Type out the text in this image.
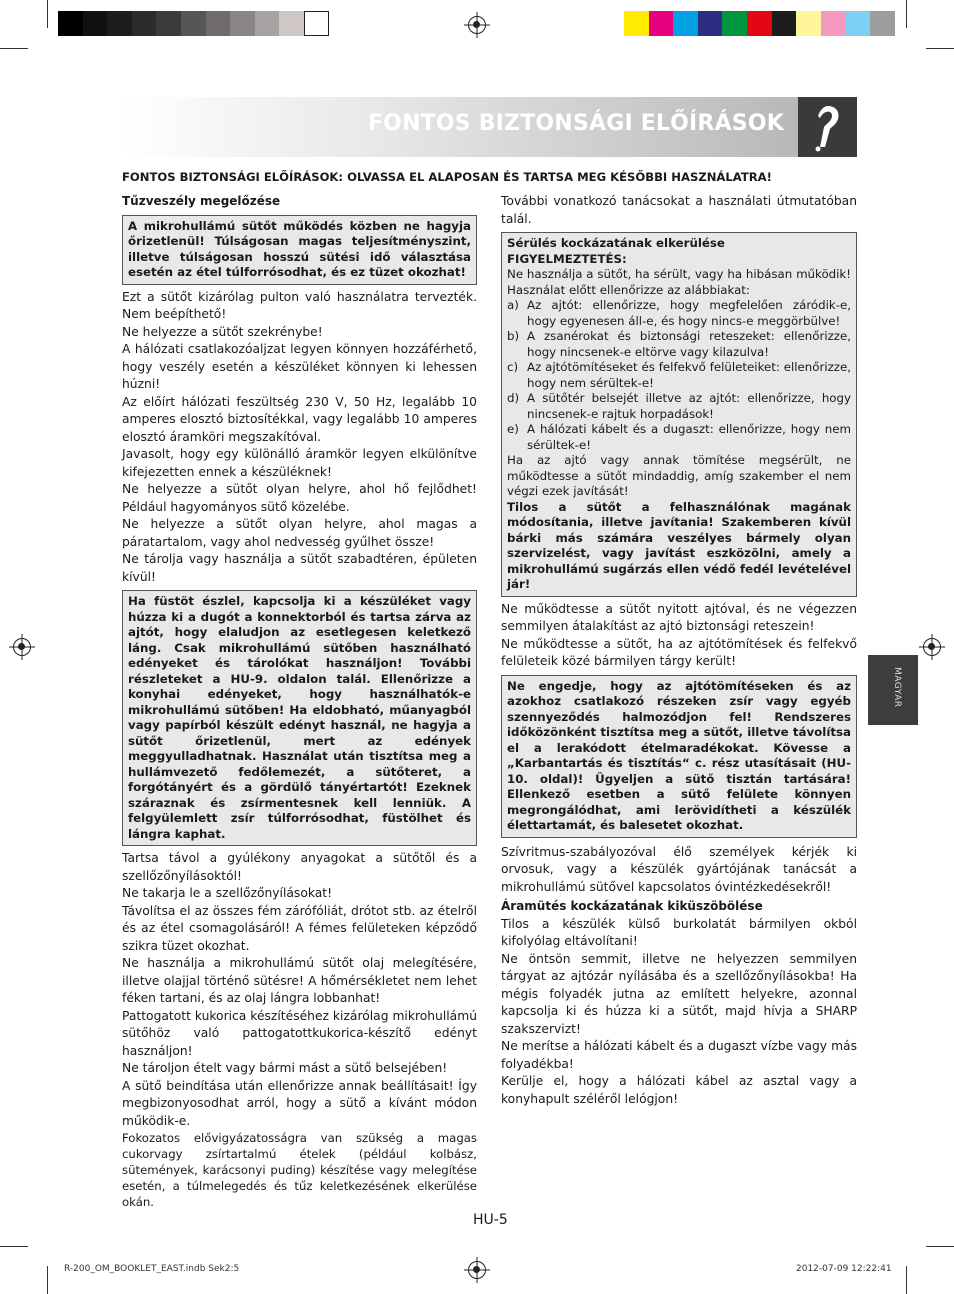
FONTOS BIZTONSÁGI ELŐÍRÁSOK
FONTOS BIZTONSÁGI ELŐÍRÁSOK: OLVASSA EL ALAPOSAN ÉS TARTSA MEG KÉSŐBBI HASZNÁLATRA!

Tűzveszély megelőzése

A mikrohullámú sütőt működés közben ne hagyja őrizetlenül! Túlságosan magas teljesítményszint, illetve túlságosan hosszú sütési idő választása esetén az étel túlforrósodhat, és ez tüzet okozhat!

Ezt a sütőt kizárólag pulton való használatra tervezték. Nem beépíthető!

Ne helyezze a sütőt szekrénybe!

A hálózati csatlakozóaljzat legyen könnyen hozzáférhető, hogy veszély esetén a készüléket könnyen ki lehessen húzni!

Az előírt hálózati feszültség 230 V, 50 Hz, legalább 10 amperes elosztó biztosítékkal, vagy legalább 10 amperes elosztó áramköri megszakítóval.

Javasolt, hogy egy különálló áramkör legyen elkülönítve kifejezetten ennek a készüléknek!

Ne helyezze a sütőt olyan helyre, ahol hő fejlődhet! Például hagyományos sütő közelébe.

Ne helyezze a sütőt olyan helyre, ahol magas a páratartalom, vagy ahol nedvesség gyűlhet össze!

Ne tárolja vagy használja a sütőt szabadtéren, épületen kívül!

Ha füstöt észlel, kapcsolja ki a készüléket vagy húzza ki a dugót a konnektorból és tartsa zárva az ajtót, hogy elaludjon az esetlegesen keletkező láng. Csak mikrohullámú sütőben használható edényeket és tárolókat használjon! További részleteket a HU-9. oldalon talál. Ellenőrizze a konyhai edényeket, hogy használhatók-e mikrohullámú sütőben! Ha eldobható, műanyagból vagy papírból készült edényt használ, ne hagyja a sütőt őrizetlenül, mert az edények meggyulladhatnak. Használat után tisztítsa meg a hullámvezető fedőlemezét, a sütőteret, a forgótányért és a gördülő tányértartót! Ezeknek száraznak és zsírmentesnek kell lenniük. A felgyülemlett zsír túlforrósodhat, füstölhet és lángra kaphat.

Tartsa távol a gyúlékony anyagokat a sütőtől és a szellőzőnyílásoktól!

Ne takarja le a szellőzőnyílásokat!

Távolítsa el az összes fém zárófóliát, drótot stb. az ételről és az étel csomagolásáról! A fémes felületeken képződő szikra tüzet okozhat.

Ne használja a mikrohullámú sütőt olaj melegítésére, illetve olajjal történő sütésre! A hőmérsékletet nem lehet féken tartani, és az olaj lángra lobbanhat!

Pattogatott kukorica készítéséhez kizárólag mikrohullámú sütőhöz való pattogatottkukorica-készítő edényt használjon!

Ne tároljon ételt vagy bármi mást a sütő belsejében!

A sütő beindítása után ellenőrizze annak beállításait! Így megbizonyosodhat arról, hogy a sütő a kívánt módon működik-e.

Fokozatos elővigyázatosságra van szükség a magas cukorvagy zsírtartalmú ételek (például kolbász, sütemények, karácsonyi puding) készítése vagy melegítése esetén, a túlmelegedés és tűz keletkezésének elkerülése okán.

További vonatkozó tanácsokat a használati útmutatóban talál.

Sérülés kockázatának elkerülése

FIGYELMEZTETÉS:

Ne használja a sütőt, ha sérült, vagy ha hibásan működik! Használat előtt ellenőrizze az alábbiakat:

a) Az ajtót: ellenőrizze, hogy megfelelően záródik-e, hogy egyenesen áll-e, és hogy nincs-e meggörbülve!

b) A zsanérokat és biztonsági reteszeket: ellenőrizze, hogy nincsenek-e eltörve vagy kilazulva!

c) Az ajtótömítéseket és felfekvő felületeiket: ellenőrizze, hogy nem sérültek-e!

d) A sütőtér belsejét illetve az ajtót: ellenőrizze, hogy nincsenek-e rajtuk horpadások!

e) A hálózati kábelt és a dugaszt: ellenőrizze, hogy nem sérültek-e!

Ha az ajtó vagy annak tömítése megsérült, ne működtesse a sütőt mindaddig, amíg szakember el nem végzi ezek javítását!

Tilos a sütőt a felhasználónak magának módosítania, illetve javítania! Szakemberen kívül bárki más számára veszélyes bármely olyan szervizelést, vagy javítást eszközölni, amely a mikrohullámú sugárzás ellen védő fedél levételével jár!

Ne működtesse a sütőt nyitott ajtóval, és ne végezzen semmilyen átalakítást az ajtó biztonsági reteszein!

Ne működtesse a sütőt, ha az ajtótömítések és felfekvő felületeik közé bármilyen tárgy került!

Ne engedje, hogy az ajtótömítéseken és az azokhoz csatlakozó részeken zsír vagy egyéb szennyeződés halmozódjon fel! Rendszeres időközönként tisztítsa meg a sütőt, illetve távolítsa el a lerakódott ételmaradékokat. Kövesse a „Karbantartás és tisztítás“ c. rész utasításait (HU-10. oldal)! Ügyeljen a sütő tisztán tartására! Ellenkező esetben a sütő felülete könnyen megrongálódhat, ami lerövidítheti a készülék élettartamát, és balesetet okozhat.

Szívritmus-szabályozóval élő személyek kérjék ki orvosuk, vagy a készülék gyártójának tanácsát a mikrohullámú sütővel kapcsolatos óvintézkedésekről!

Áramütés kockázatának kiküszöbölése

Tilos a készülék külső burkolatát bármilyen okból kifolyólag eltávolítani!

Ne öntsön semmit, illetve ne helyezzen semmilyen tárgyat az ajtózár nyílásába és a szellőzőnyílásokba! Ha mégis folyadék jutna az említett helyekre, azonnal kapcsolja ki és húzza ki a sütőt, majd hívja a SHARP szakszervizt!

Ne merítse a hálózati kábelt és a dugaszt vízbe vagy más folyadékba!

Kerülje el, hogy a hálózati kábel az asztal vagy a konyhapult széléről lelógjon!

MAGYAR
HU-5
R-200_OM_BOOKLET_EAST.indb Sek2:5	2012-07-09 12:22:41
